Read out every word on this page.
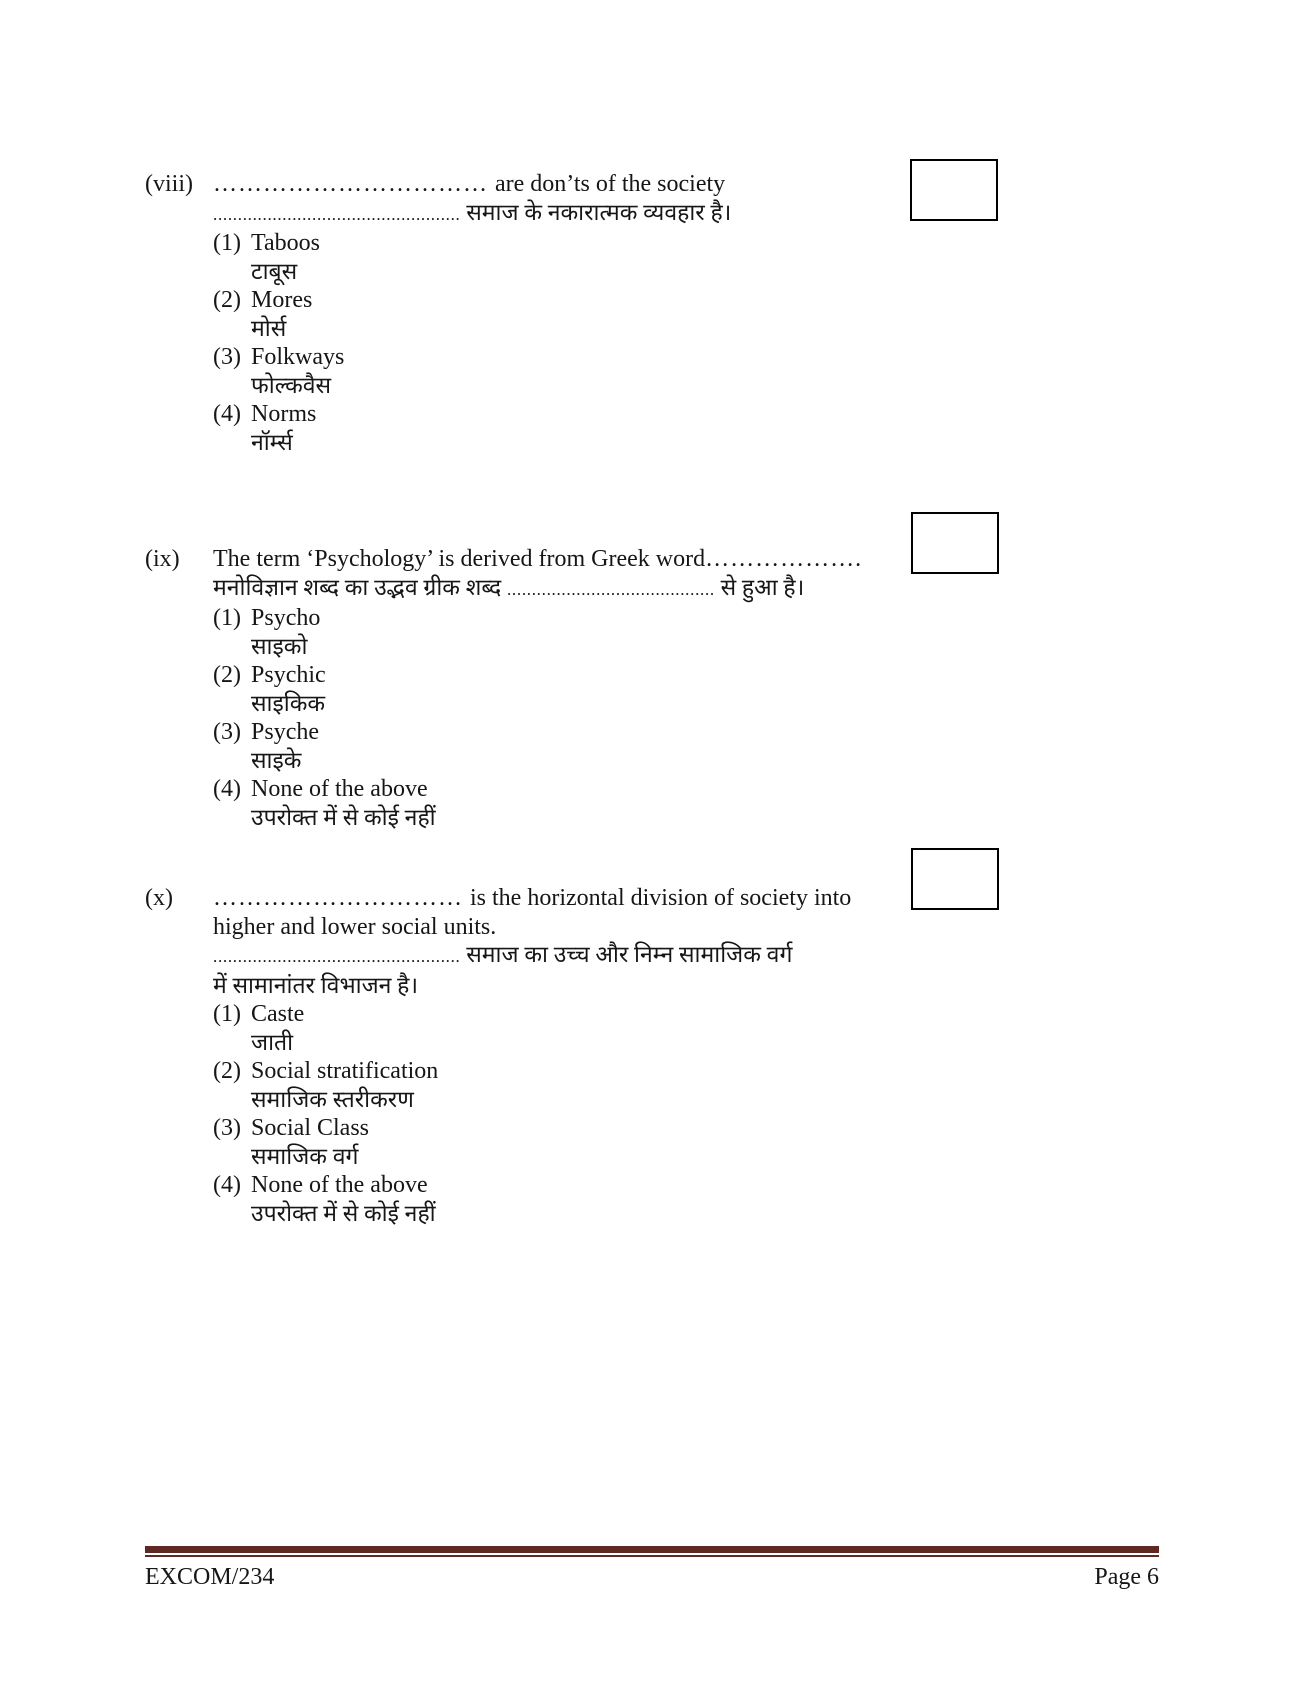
(viii) …………………………… are don’ts of the society
.................................................. समाज के नकारात्मक व्यवहार है।
(1) Taboos
टाबूस
(2) Mores
मोर्स
(3) Folkways
फोल्कवैस
(4) Norms
नॉर्म्स
(ix)	The term ‘Psychology’ is derived from Greek word……………….
मनोविज्ञान शब्द का उद्भव ग्रीक शब्द .......................................... से हुआ है।
(1) Psycho
साइको
(2) Psychic
साइकिक
(3) Psyche
साइके
(4) None of the above
उपरोक्त में से कोई नहीं
(x)	………………………… is the horizontal division of society into
higher and lower social units.
.................................................. समाज का उच्च और निम्न सामाजिक वर्ग
में सामानांतर विभाजन है।
(1) Caste
जाती
(2) Social stratification
समाजिक स्तरीकरण
(3) Social Class
समाजिक वर्ग
(4) None of the above
उपरोक्त में से कोई नहीं
EXCOM/234	Page 6
